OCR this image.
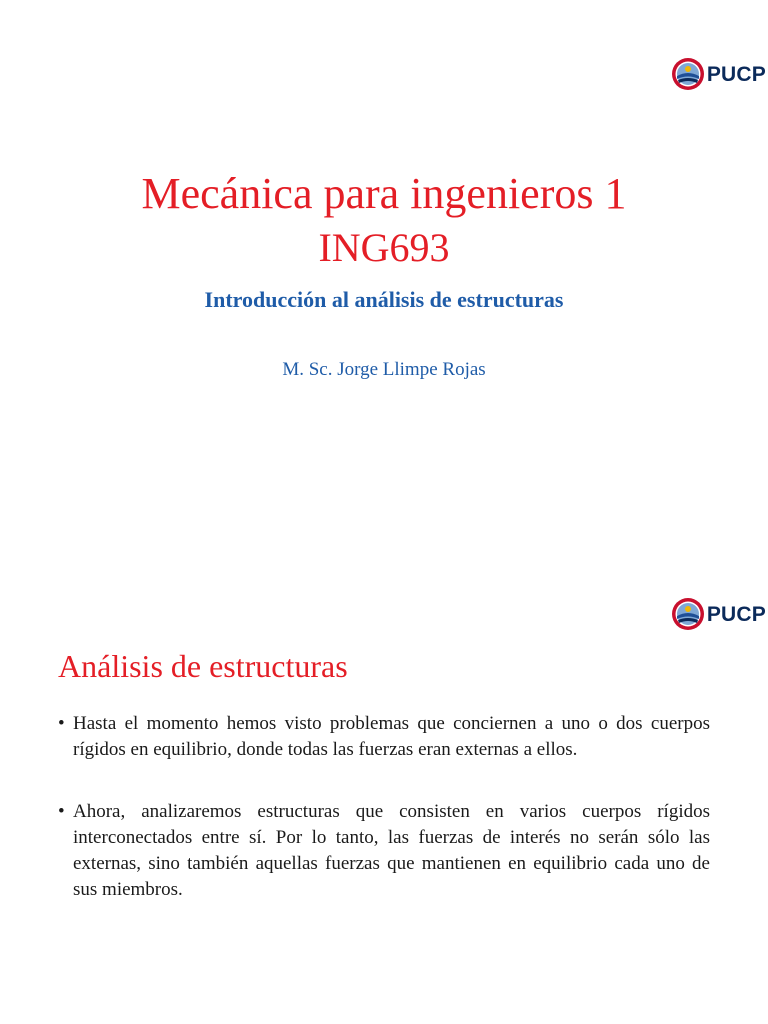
PUCP
Mecánica para ingenieros 1
ING693

Introducción al análisis de estructuras

M. Sc. Jorge Llimpe Rojas

PUCP
Análisis de estructuras
• Hasta el momento hemos visto problemas que conciernen a uno o dos cuerpos rígidos en equilibrio, donde todas las fuerzas eran externas a ellos.
• Ahora, analizaremos estructuras que consisten en varios cuerpos rígidos interconectados entre sí. Por lo tanto, las fuerzas de interés no serán sólo las externas, sino también aquellas fuerzas que mantienen en equilibrio cada uno de sus miembros.
